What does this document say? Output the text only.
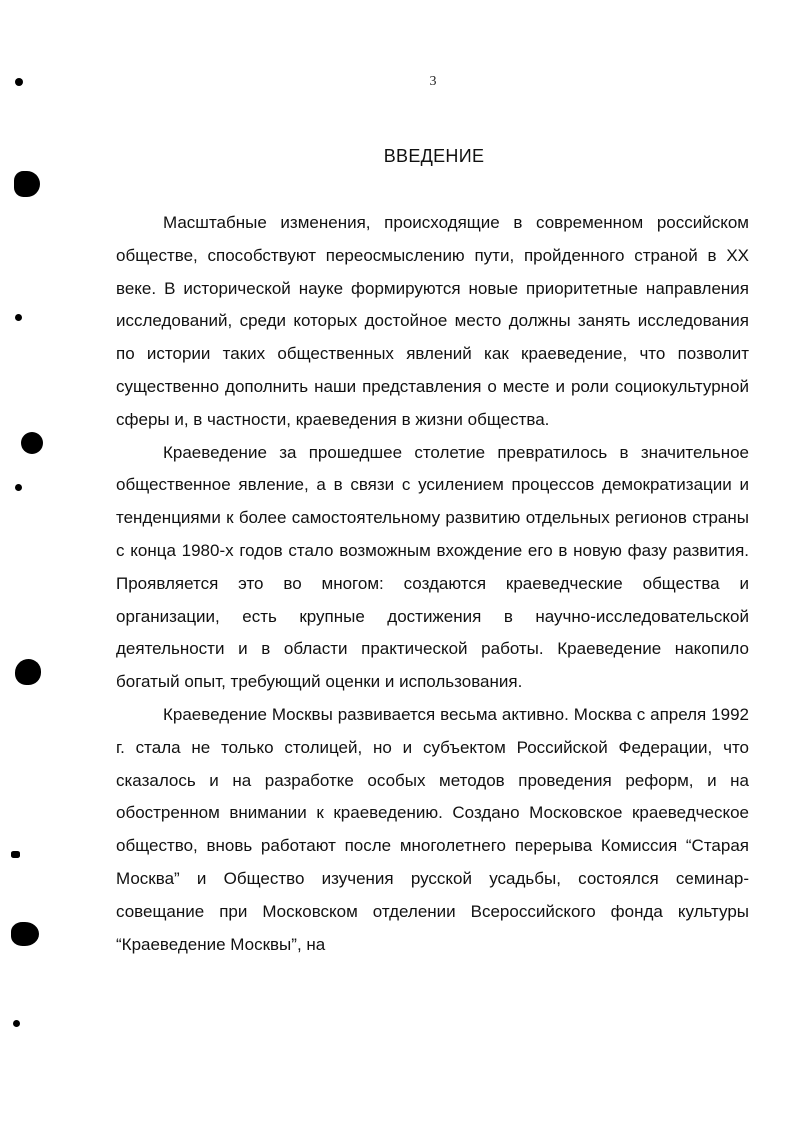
3
ВВЕДЕНИЕ

Масштабные изменения, происходящие в современном российском обществе, способствуют переосмыслению пути, пройденного страной в XX веке. В исторической науке формируются новые приоритетные направления исследований, среди которых достойное место должны занять исследования по истории таких общественных явлений как краеведение, что позволит существенно дополнить наши представления о месте и роли социокультурной сферы и, в частности, краеведения в жизни общества.

Краеведение за прошедшее столетие превратилось в значительное общественное явление, а в связи с усилением процессов демократизации и тенденциями к более самостоятельному развитию отдельных регионов страны с конца 1980-х годов стало возможным вхождение его в новую фазу развития. Проявляется это во многом: создаются краеведческие общества и организации, есть крупные достижения в научно-исследовательской деятельности и в области практической работы. Краеведение накопило богатый опыт, требующий оценки и использования.

Краеведение Москвы развивается весьма активно. Москва с апреля 1992 г. стала не только столицей, но и субъектом Российской Федерации, что сказалось и на разработке особых методов проведения реформ, и на обостренном внимании к краеведению. Создано Московское краеведческое общество, вновь работают после многолетнего перерыва Комиссия “Старая Москва” и Общество изучения русской усадьбы, состоялся семинар-совещание при Московском отделении Всероссийского фонда культуры “Краеведение Москвы”, на
